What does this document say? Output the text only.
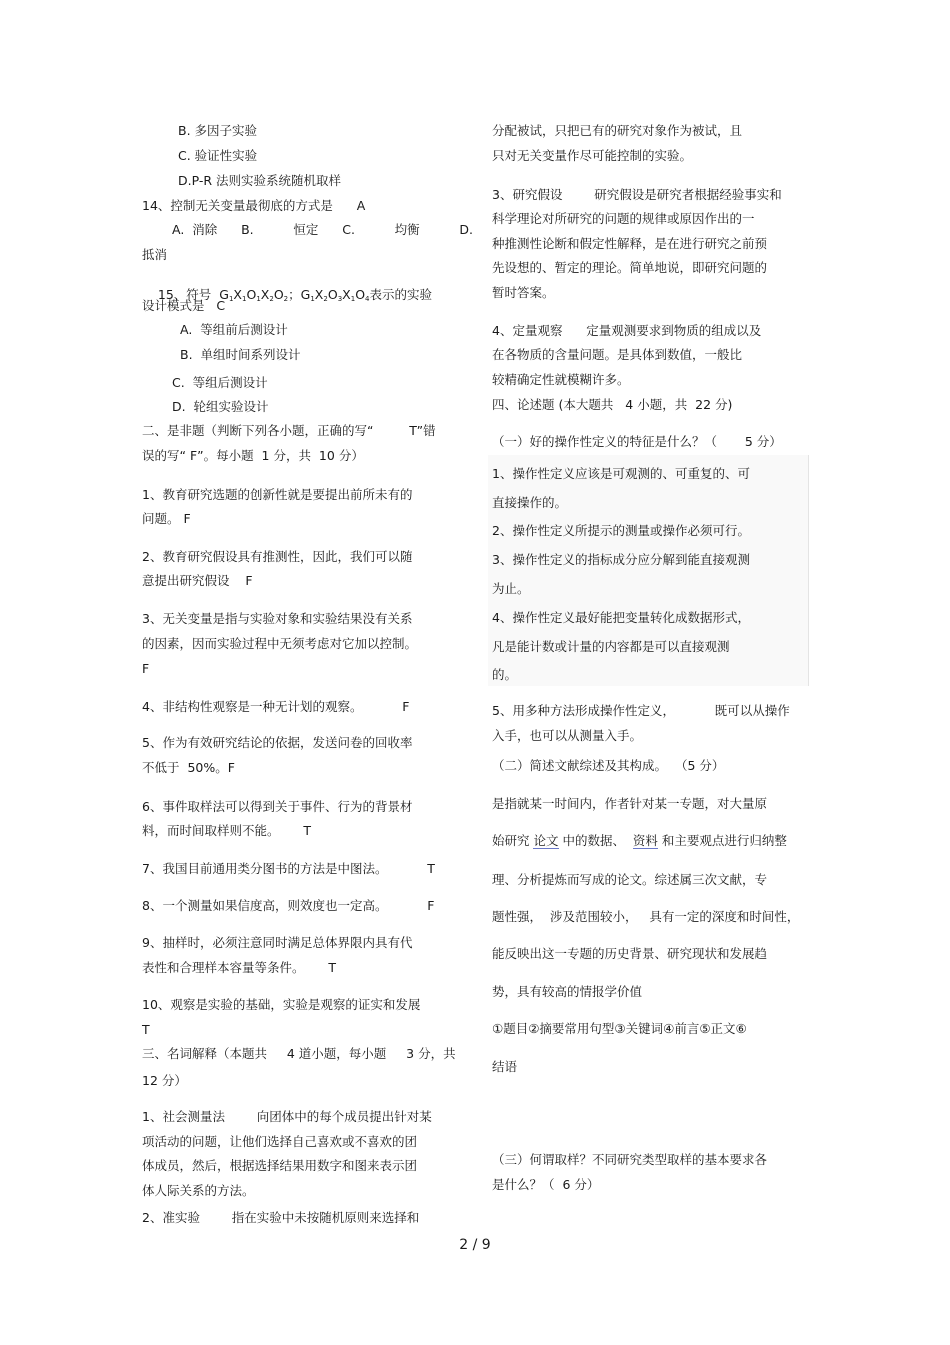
B. 多因子实验
C. 验证性实验
D.P-R 法则实验系统随机取样
14、控制无关变量最彻底的方式是      A
A.  消除      B.          恒定      C.          均衡          D.
抵消

15、符号  $G_1X_1O_1X_2O_2$；$G_1X_2O_3X_1O_4$表示的实验

设计模式是   C
A.  等组前后测设计
B.  单组时间系列设计
C.  等组后测设计
D.  轮组实验设计
二、是非题（判断下列各小题，正确的写“         T”错
误的写“ F”。每小题  1 分，共  10 分）
1、教育研究选题的创新性就是要提出前所未有的
问题。 F
2、教育研究假设具有推测性，因此，我们可以随
意提出研究假设    F
3、无关变量是指与实验对象和实验结果没有关系
的因素，因而实验过程中无须考虑对它加以控制。
F
4、非结构性观察是一种无计划的观察。          F
5、作为有效研究结论的依据，发送问卷的回收率
不低于  50%。F
6、事件取样法可以得到关于事件、行为的背景材
料，而时间取样则不能。      T
7、我国目前通用类分图书的方法是中图法。          T
8、一个测量如果信度高，则效度也一定高。          F
9、抽样时，必须注意同时满足总体界限内具有代
表性和合理样本容量等条件。      T
10、观察是实验的基础，实验是观察的证实和发展
T
三、名词解释（本题共     4 道小题，每小题     3 分，共
12 分）
1、社会测量法        向团体中的每个成员提出针对某
项活动的问题，让他们选择自己喜欢或不喜欢的团
体成员，然后，根据选择结果用数字和图来表示团
体人际关系的方法。
2、准实验        指在实验中未按随机原则来选择和
分配被试，只把已有的研究对象作为被试，且
只对无关变量作尽可能控制的实验。
3、研究假设        研究假设是研究者根据经验事实和
科学理论对所研究的问题的规律或原因作出的一
种推测性论断和假定性解释，是在进行研究之前预
先设想的、暂定的理论。简单地说，即研究问题的
暂时答案。
4、定量观察      定量观测要求到物质的组成以及
在各物质的含量问题。是具体到数值，一般比
较精确定性就模糊许多。
四、论述题 (本大题共   4 小题，共  22 分)
（一）好的操作性定义的特征是什么？（       5 分）
1、操作性定义应该是可观测的、可重复的、可
直接操作的。
2、操作性定义所提示的测量或操作必须可行。
3、操作性定义的指标成分应分解到能直接观测
为止。
4、操作性定义最好能把变量转化成数据形式，
凡是能计数或计量的内容都是可以直接观测
的。
5、用多种方法形成操作性定义，          既可以从操作
入手，也可以从测量入手。
（二）简述文献综述及其构成。  （5 分）
是指就某一时间内，作者针对某一专题，对大量原
始研究 论文 中的数据、  资料 和主要观点进行归纳整
理、分析提炼而写成的论文。综述属三次文献，专
题性强，  涉及范围较小，   具有一定的深度和时间性，
能反映出这一专题的历史背景、研究现状和发展趋
势，具有较高的情报学价值
①题目②摘要常用句型③关键词④前言⑤正文⑥
结语
（三）何谓取样？不同研究类型取样的基本要求各
是什么？（  6 分）
2 / 9
